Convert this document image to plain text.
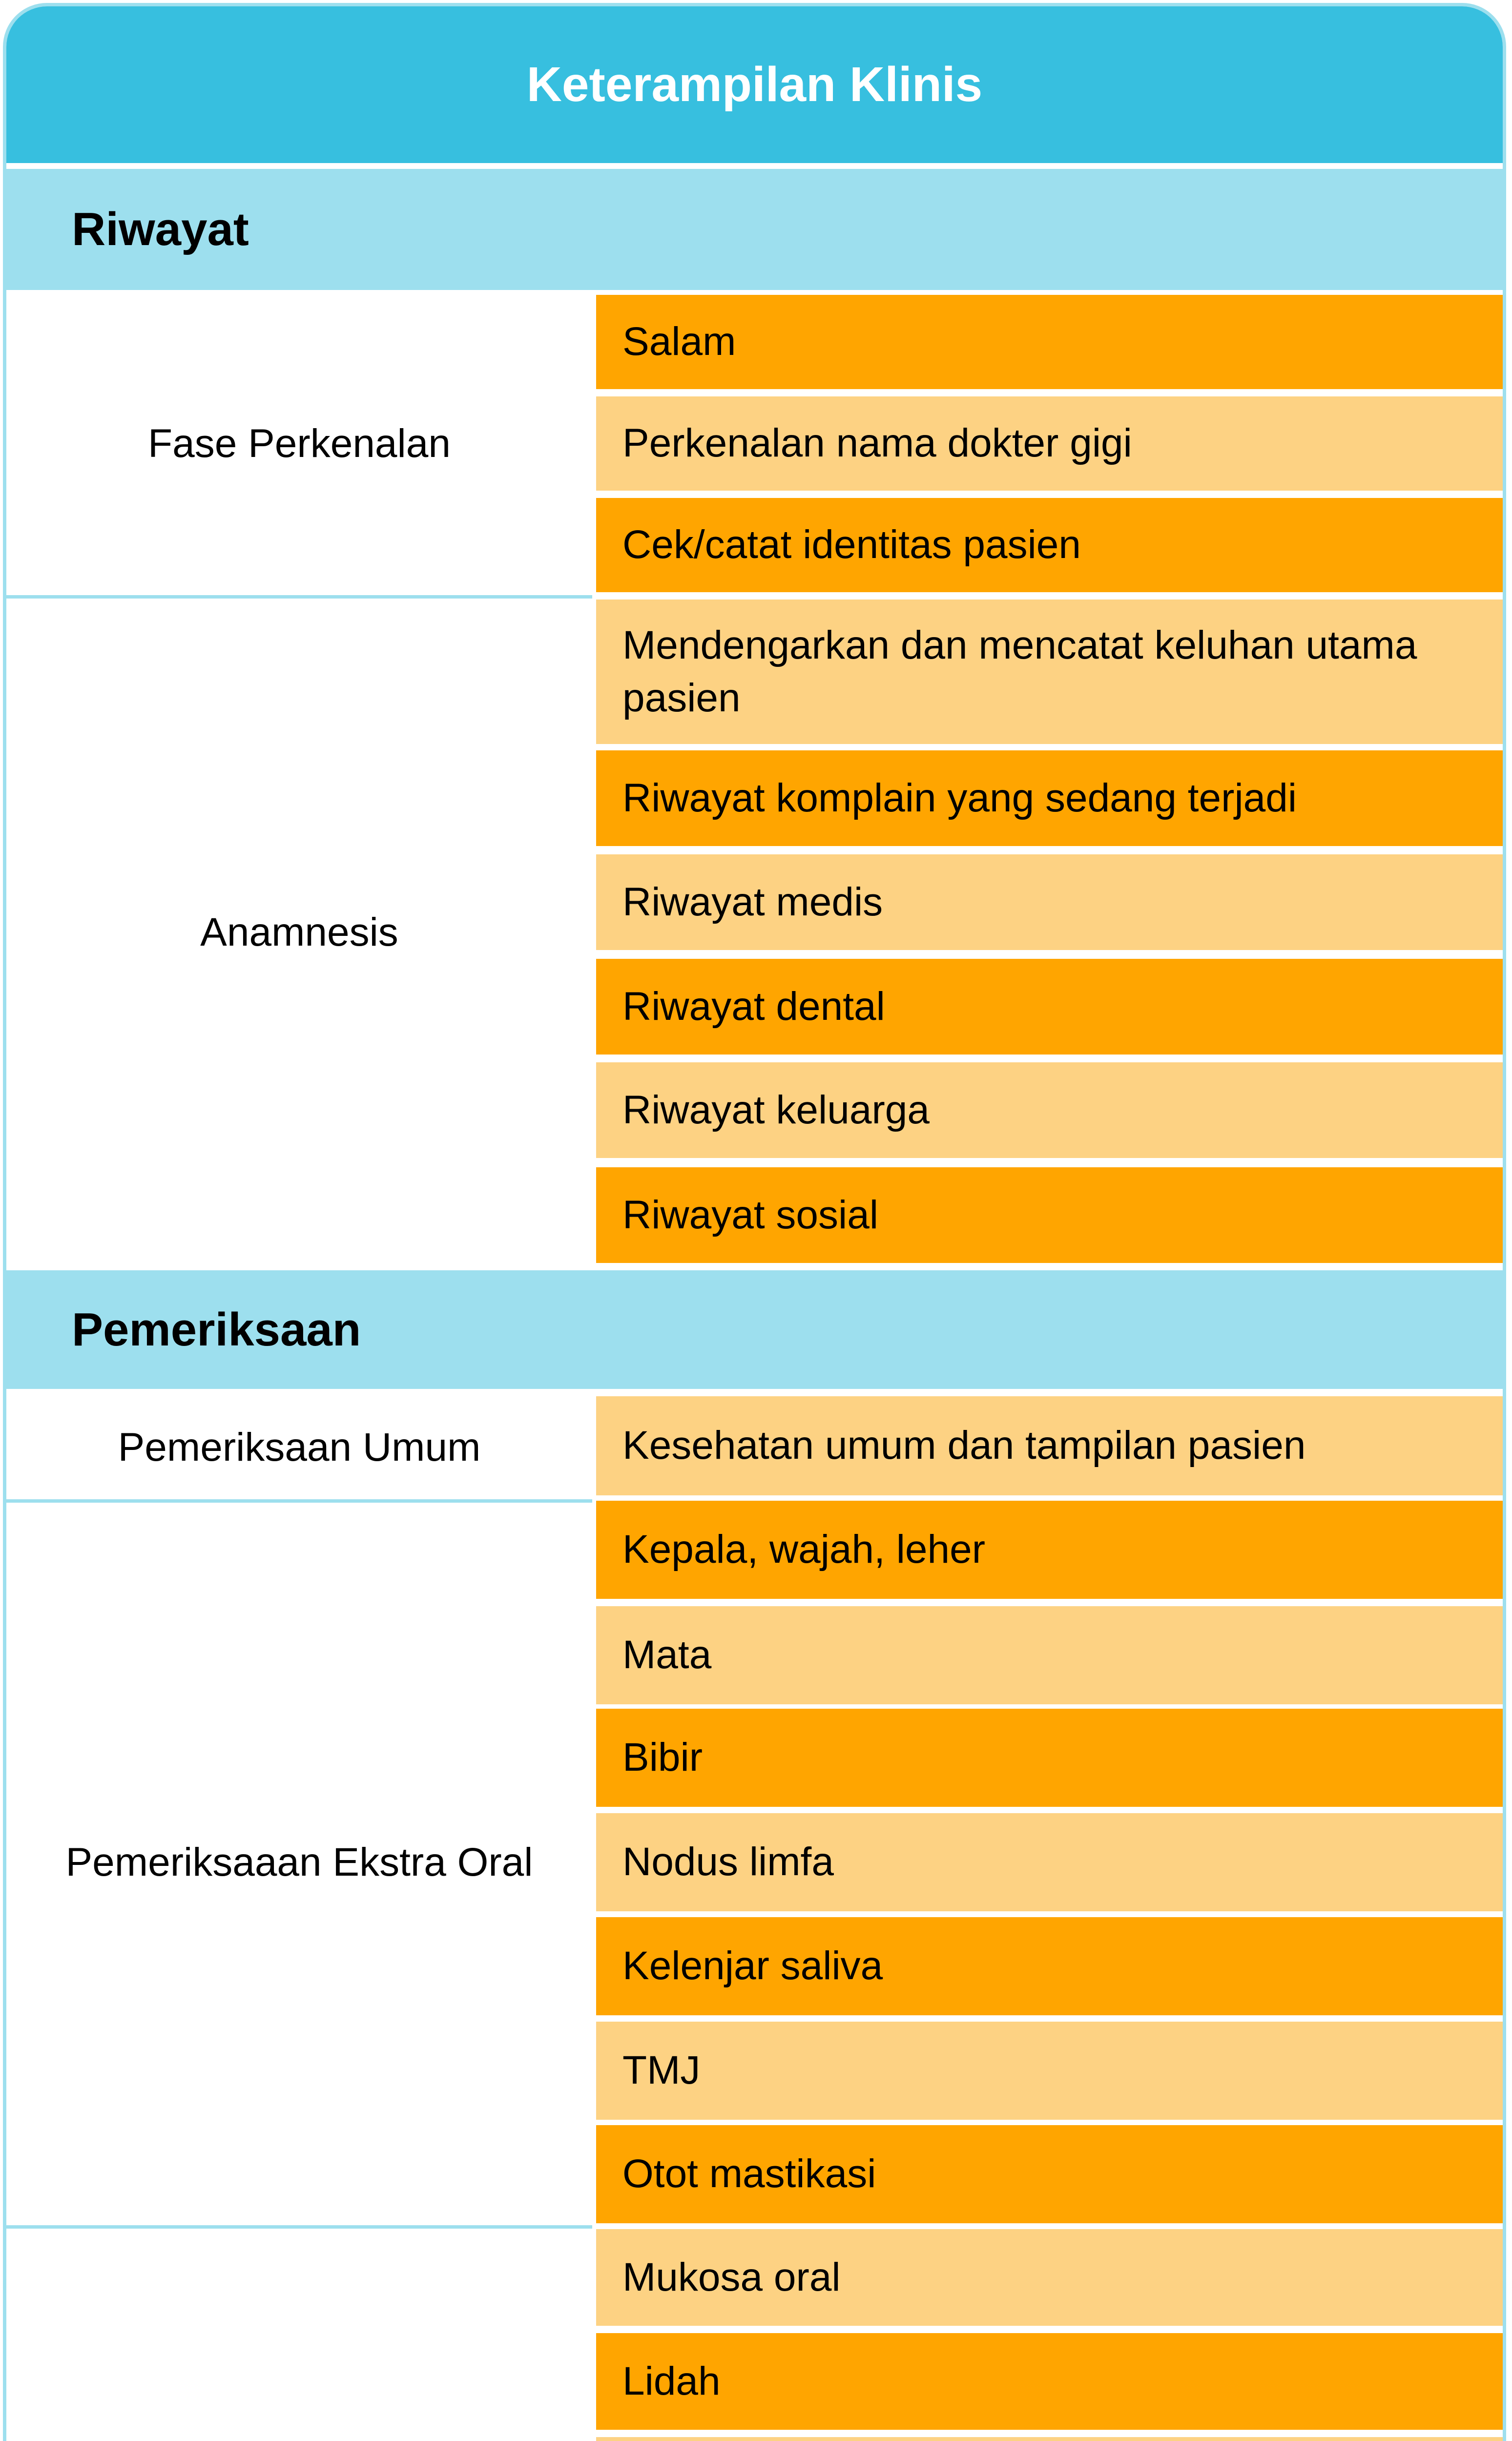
Keterampilan Klinis
Riwayat
Fase Perkenalan
Salam
Perkenalan nama dokter gigi
Cek/catat identitas pasien
Anamnesis
Mendengarkan dan mencatat keluhan utama pasien
Riwayat komplain yang sedang terjadi
Riwayat medis
Riwayat dental
Riwayat keluarga
Riwayat sosial
Pemeriksaan
Pemeriksaan Umum	Kesehatan umum dan tampilan pasien
Pemeriksaaan Ekstra Oral
Kepala, wajah, leher
Mata
Bibir
Nodus limfa
Kelenjar saliva
TMJ
Otot mastikasi
Mukosa oral
Lidah
